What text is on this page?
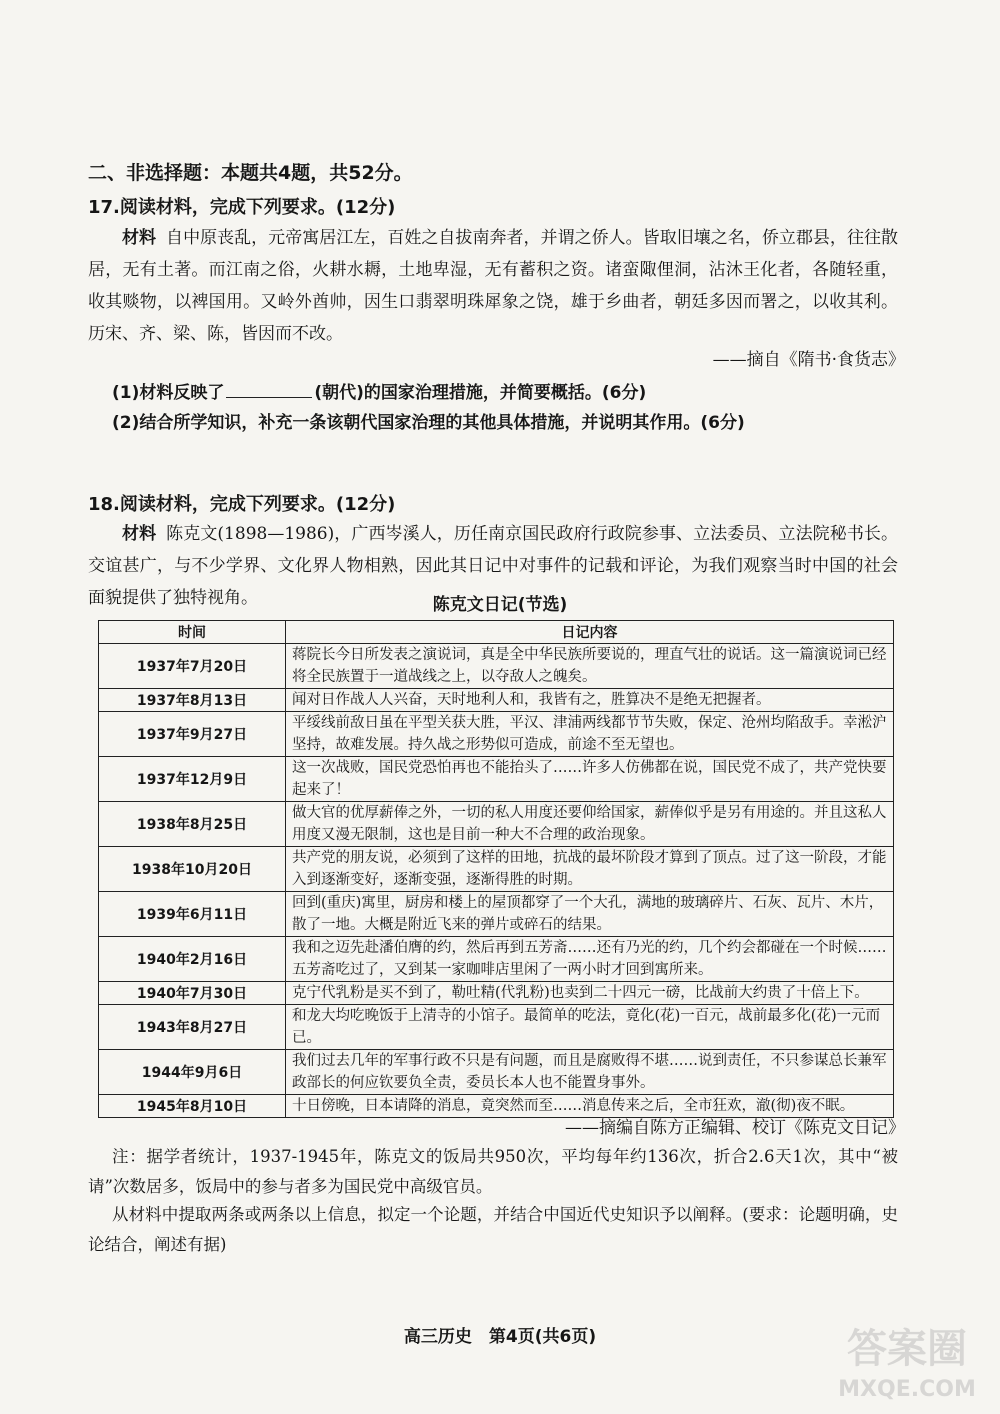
二、非选择题：本题共4题，共52分。
17.阅读材料，完成下列要求。(12分)
材料 自中原丧乱，元帝寓居江左，百姓之自拔南奔者，并谓之侨人。皆取旧壤之名，侨立郡县，往往散居，无有土著。而江南之俗，火耕水耨，土地卑湿，无有蓄积之资。诸蛮陬俚洞，沾沐王化者，各随轻重，收其赕物，以裨国用。又岭外酋帅，因生口翡翠明珠犀象之饶，雄于乡曲者，朝廷多因而署之，以收其利。历宋、齐、梁、陈，皆因而不改。
——摘自《隋书·食货志》
(1)材料反映了	(朝代)的国家治理措施，并简要概括。(6分)
(2)结合所学知识，补充一条该朝代国家治理的其他具体措施，并说明其作用。(6分)
18.阅读材料，完成下列要求。(12分)
材料 陈克文(1898—1986)，广西岑溪人，历任南京国民政府行政院参事、立法委员、立法院秘书长。交谊甚广，与不少学界、文化界人物相熟，因此其日记中对事件的记载和评论，为我们观察当时中国的社会面貌提供了独特视角。	陈克文日记(节选)
时间	日记内容
1937年7月20日	蒋院长今日所发表之演说词，真是全中华民族所要说的，理直气壮的说话。这一篇演说词已经将全民族置于一道战线之上，以夺敌人之魄矣。
1937年8月13日	闻对日作战人人兴奋，天时地利人和，我皆有之，胜算决不是绝无把握者。
1937年9月27日	平绥线前敌日虽在平型关获大胜，平汉、津浦两线都节节失败，保定、沧州均陷敌手。幸淞沪坚持，故难发展。持久战之形势似可造成，前途不至无望也。
1937年12月9日	这一次战败，国民党恐怕再也不能抬头了……许多人仿佛都在说，国民党不成了，共产党快要起来了！
1938年8月25日	做大官的优厚薪俸之外，一切的私人用度还要仰给国家，薪俸似乎是另有用途的。并且这私人用度又漫无限制，这也是目前一种大不合理的政治现象。
1938年10月20日	共产党的朋友说，必须到了这样的田地，抗战的最坏阶段才算到了顶点。过了这一阶段，才能入到逐渐变好，逐渐变强，逐渐得胜的时期。
1939年6月11日	回到(重庆)寓里，厨房和楼上的屋顶都穿了一个大孔，满地的玻璃碎片、石灰、瓦片、木片，散了一地。大概是附近飞来的弹片或碎石的结果。
1940年2月16日	我和之迈先赴潘伯膺的约，然后再到五芳斋……还有乃光的约，几个约会都碰在一个时候……五芳斋吃过了，又到某一家咖啡店里闲了一两小时才回到寓所来。
1940年7月30日	克宁代乳粉是买不到了，勒吐精(代乳粉)也卖到二十四元一磅，比战前大约贵了十倍上下。
1943年8月27日	和龙大均吃晚饭于上清寺的小馆子。最简单的吃法，竟化(花)一百元，战前最多化(花)一元而已。
1944年9月6日	我们过去几年的军事行政不只是有问题，而且是腐败得不堪……说到责任，不只参谋总长兼军政部长的何应钦要负全责，委员长本人也不能置身事外。
1945年8月10日	十日傍晚，日本请降的消息，竟突然而至……消息传来之后，全市狂欢，澈(彻)夜不眠。
——摘编自陈方正编辑、校订《陈克文日记》
注：据学者统计，1937-1945年，陈克文的饭局共950次，平均每年约136次，折合2.6天1次，其中“被请”次数居多，饭局中的参与者多为国民党中高级官员。
从材料中提取两条或两条以上信息，拟定一个论题，并结合中国近代史知识予以阐释。(要求：论题明确，史论结合，阐述有据)
高三历史　第4页(共6页)	答案圈
MXQE.COM
